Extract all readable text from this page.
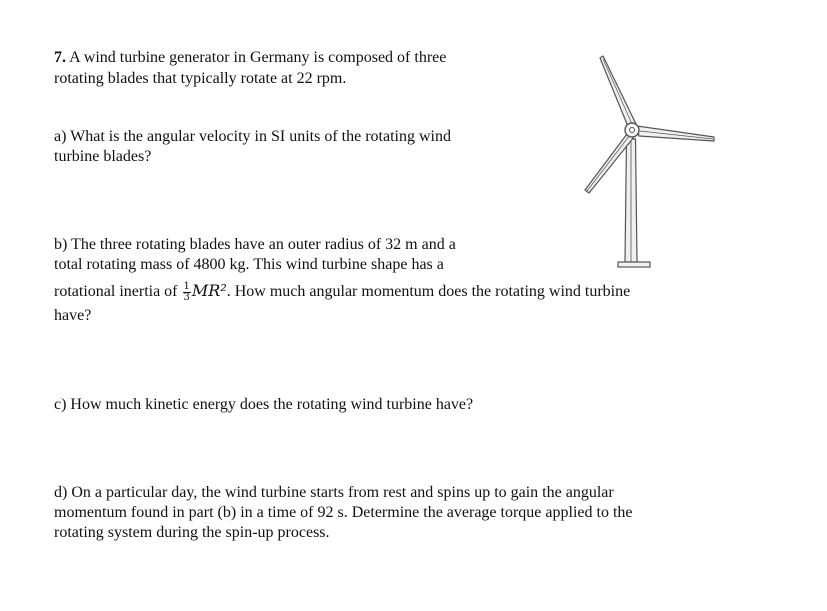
7. A wind turbine generator in Germany is composed of three
rotating blades that typically rotate at 22 rpm.
a) What is the angular velocity in SI units of the rotating wind
turbine blades?
b) The three rotating blades have an outer radius of 32 m and a
total rotating mass of 4800 kg. This wind turbine shape has a
rotational inertia of $\frac{1}{3} MR^2$. How much angular momentum does the rotating wind turbine
have?
c) How much kinetic energy does the rotating wind turbine have?
d) On a particular day, the wind turbine starts from rest and spins up to gain the angular
momentum found in part (b) in a time of 92 s. Determine the average torque applied to the
rotating system during the spin-up process.
